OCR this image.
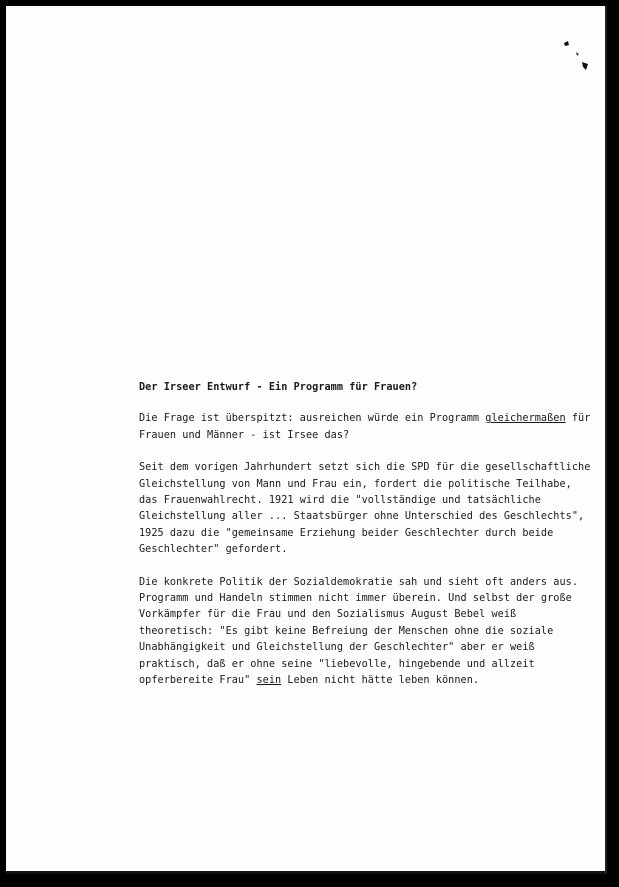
Der Irseer Entwurf - Ein Programm für Frauen?
Die Frage ist überspitzt: ausreichen würde ein Programm gleichermaßen für
Frauen und Männer - ist Irsee das?
Seit dem vorigen Jahrhundert setzt sich die SPD für die gesellschaftliche
Gleichstellung von Mann und Frau ein, fordert die politische Teilhabe,
das Frauenwahlrecht. 1921 wird die "vollständige und tatsächliche
Gleichstellung aller ... Staatsbürger ohne Unterschied des Geschlechts",
1925 dazu die "gemeinsame Erziehung beider Geschlechter durch beide
Geschlechter" gefordert.
Die konkrete Politik der Sozialdemokratie sah und sieht oft anders aus.
Programm und Handeln stimmen nicht immer überein. Und selbst der große
Vorkämpfer für die Frau und den Sozialismus August Bebel weiß
theoretisch: "Es gibt keine Befreiung der Menschen ohne die soziale
Unabhängigkeit und Gleichstellung der Geschlechter" aber er weiß
praktisch, daß er ohne seine "liebevolle, hingebende und allzeit
opferbereite Frau" sein Leben nicht hätte leben können.
